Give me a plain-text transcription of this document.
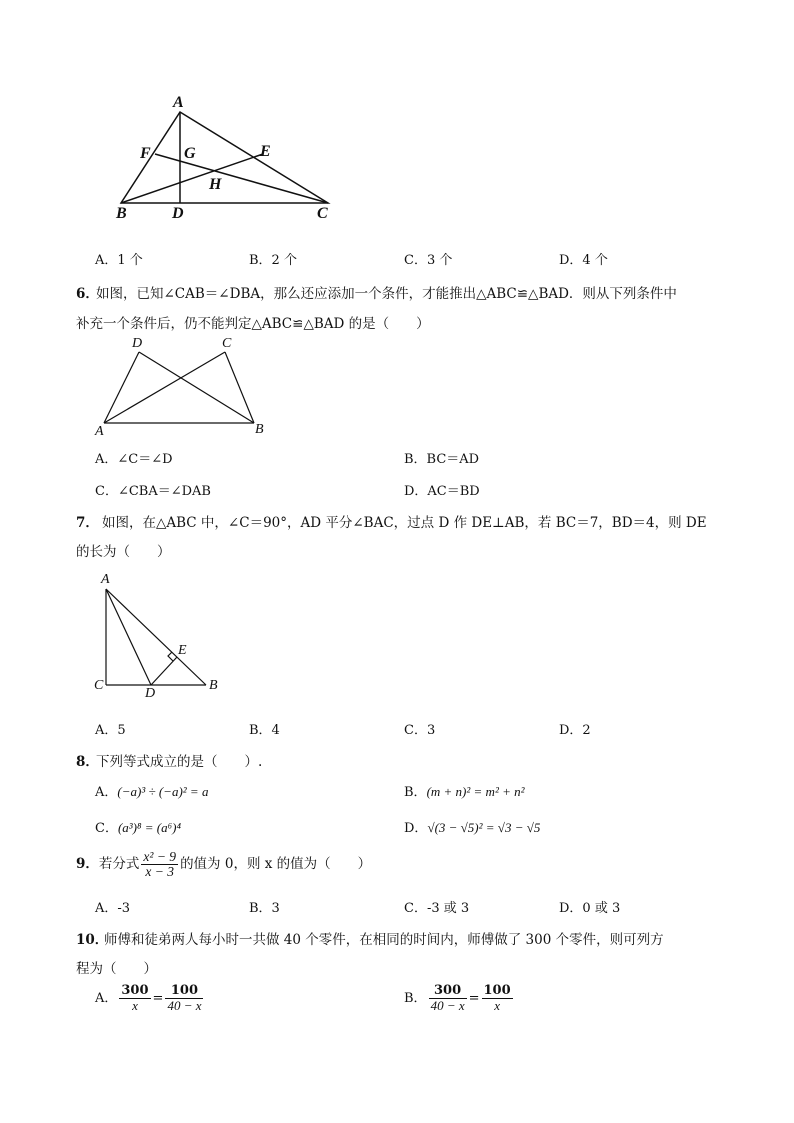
A
F G	E
H
B	D	C
A．1 个	B．2 个	C．3 个	D．4 个
6．
如图，已知∠CAB＝∠DBA，那么还应添加一个条件，才能推出△ABC≌△BAD．则从下列条件中
补充一个条件后，仍不能判定△ABC≌△BAD 的是（　　）
D	C
A	B
A．∠C＝∠D	B．BC＝AD
C．∠CBA＝∠DAB	D．AC＝BD
7． 如图，在△ABC 中，∠C＝90°，AD 平分∠BAC，过点 D 作 DE⊥AB，若 BC＝7，BD＝4，则 DE
的长为（　　）
A
E
C
D
B
A．5	B．4	C．3	D．2
8．
下列等式成立的是（　　）.
A．(−a)³ ÷ (−a)² = a	B．(m + n)² = m² + n²
C．(a³)⁸ = (a⁶)⁴	D．√(3 − √5)² = √3 − √5
9．若分式 $\frac{\text{x² − 9}}{x - 3}$ 的值为 0，则 x 的值为（　　）
A．-3	B．3	C．-3 或 3	D．0 或 3
10．
师傅和徒弟两人每小时一共做 40 个零件，在相同的时间内，师傅做了 300 个零件，则可列方
程为（　　）
A． $\frac{300}{x} = \frac{100}{40 - x}$	B． $\frac{300}{40 - x} = \frac{100}{x}$
